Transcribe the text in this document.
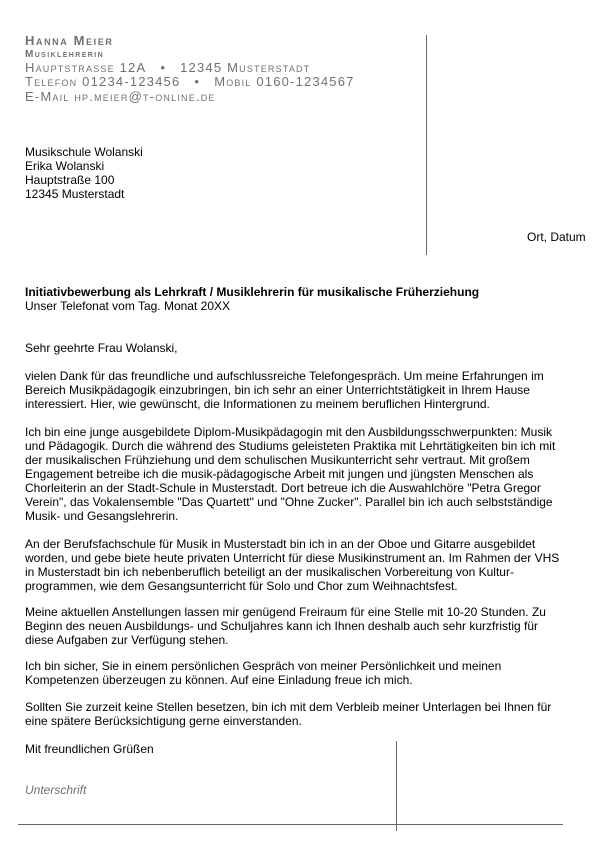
Hanna Meier
Musiklehrerin
Hauptstrasse 12A • 12345 Musterstadt
Telefon 01234-123456 • Mobil 0160-1234567
E-Mail hp.meier@t-online.de
Musikschule Wolanski
Erika Wolanski
Hauptstraße 100
12345 Musterstadt
Ort, Datum
Initiativbewerbung als Lehrkraft / Musiklehrerin für musikalische Früherziehung
Unser Telefonat vom Tag. Monat 20XX
Sehr geehrte Frau Wolanski,
vielen Dank für das freundliche und aufschlussreiche Telefongespräch. Um meine Erfahrungen im
Bereich Musikpädagogik einzubringen, bin ich sehr an einer Unterrichtstätigkeit in Ihrem Hause
interessiert. Hier, wie gewünscht, die Informationen zu meinem beruflichen Hintergrund.
Ich bin eine junge ausgebildete Diplom-Musikpädagogin mit den Ausbildungsschwerpunkten: Musik
und Pädagogik. Durch die während des Studiums geleisteten Praktika mit Lehrtätigkeiten bin ich mit
der musikalischen Frühziehung und dem schulischen Musikunterricht sehr vertraut. Mit großem
Engagement betreibe ich die musik-pädagogische Arbeit mit jungen und jüngsten Menschen als
Chorleiterin an der Stadt-Schule in Musterstadt. Dort betreue ich die Auswahlchöre "Petra Gregor
Verein", das Vokalensemble "Das Quartett" und "Ohne Zucker". Parallel bin ich auch selbstständige
Musik- und Gesangslehrerin.
An der Berufsfachschule für Musik in Musterstadt bin ich in an der Oboe und Gitarre ausgebildet
worden, und gebe biete heute privaten Unterricht für diese Musikinstrument an. Im Rahmen der VHS
in Musterstadt bin ich nebenberuflich beteiligt an der musikalischen Vorbereitung von Kultur-
programmen, wie dem Gesangsunterricht für Solo und Chor zum Weihnachtsfest.
Meine aktuellen Anstellungen lassen mir genügend Freiraum für eine Stelle mit 10-20 Stunden. Zu
Beginn des neuen Ausbildungs- und Schuljahres kann ich Ihnen deshalb auch sehr kurzfristig für
diese Aufgaben zur Verfügung stehen.
Ich bin sicher, Sie in einem persönlichen Gespräch von meiner Persönlichkeit und meinen
Kompetenzen überzeugen zu können. Auf eine Einladung freue ich mich.
Sollten Sie zurzeit keine Stellen besetzen, bin ich mit dem Verbleib meiner Unterlagen bei Ihnen für
eine spätere Berücksichtigung gerne einverstanden.
Mit freundlichen Grüßen
Unterschrift
